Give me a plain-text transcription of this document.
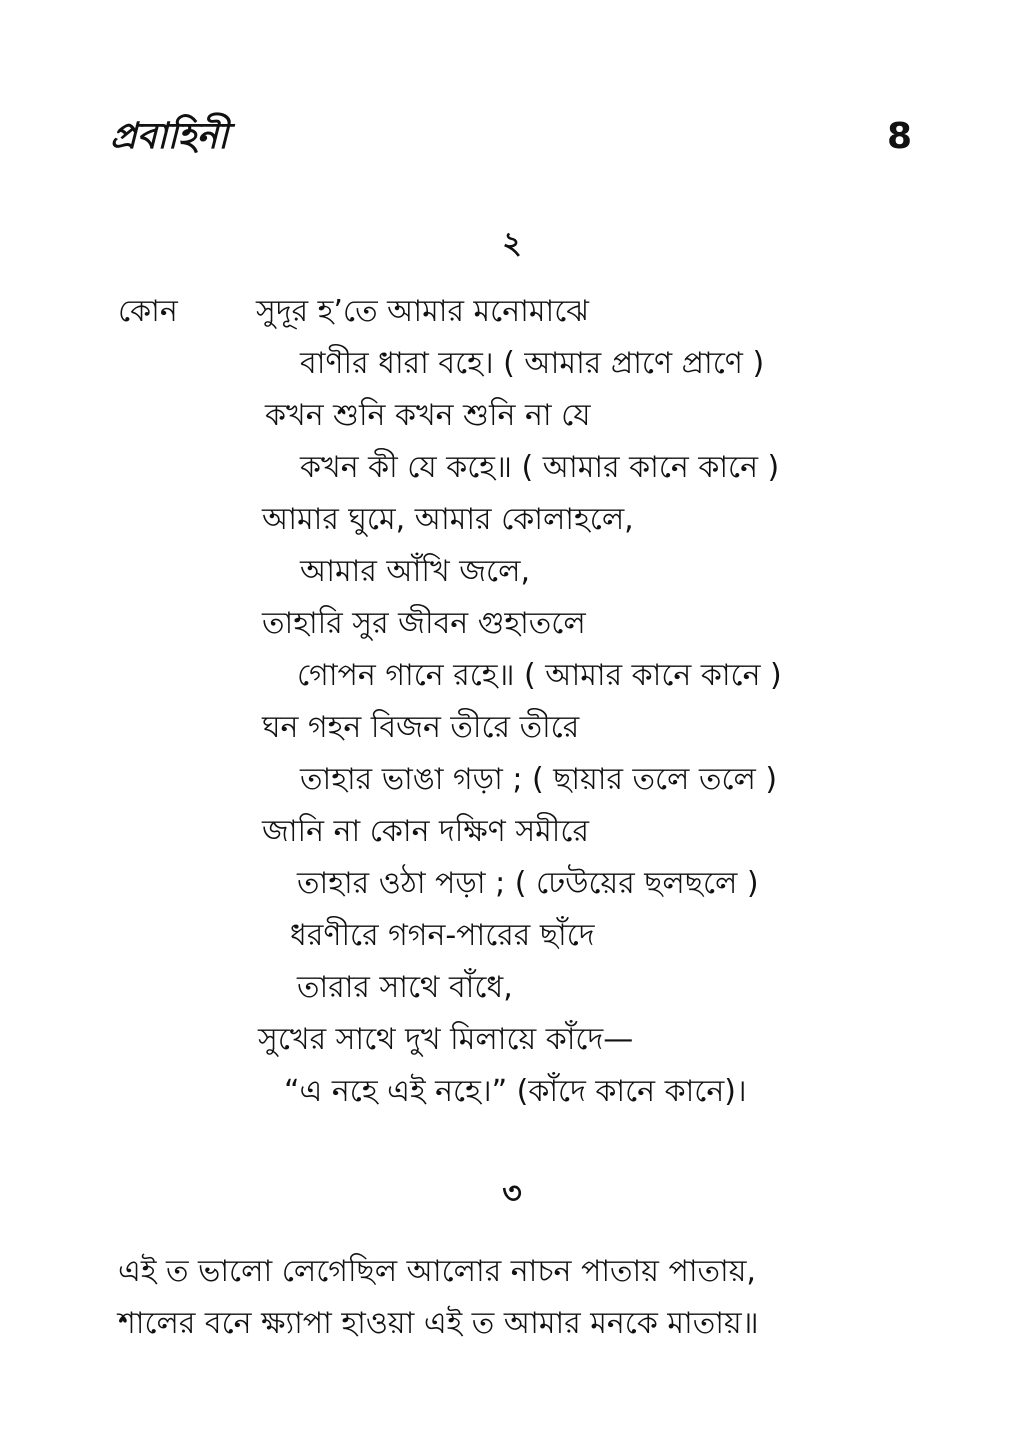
প্রবাহিনী	8
২
কোন	সুদূর হ’তে আমার মনোমাঝে
বাণীর ধারা বহে। ( আমার প্রাণে প্রাণে )
কখন শুনি কখন শুনি না যে
কখন কী যে কহে॥ ( আমার কানে কানে )
আমার ঘুমে, আমার কোলাহলে,
আমার আঁখি জলে,
তাহারি সুর জীবন গুহাতলে
গোপন গানে রহে॥ ( আমার কানে কানে )
ঘন গহন বিজন তীরে তীরে
তাহার ভাঙা গড়া ; ( ছায়ার তলে তলে )
জানি না কোন দক্ষিণ সমীরে
তাহার ওঠা পড়া ; ( ঢেউয়ের ছলছলে )
ধরণীরে গগন-পারের ছাঁদে
তারার সাথে বাঁধে,
সুখের সাথে দুখ মিলায়ে কাঁদে—
“এ নহে এই নহে।” (কাঁদে কানে কানে)।
৩
এই ত ভালো লেগেছিল আলোর নাচন পাতায় পাতায়,
শালের বনে ক্ষ্যাপা হাওয়া এই ত আমার মনকে মাতায়॥
